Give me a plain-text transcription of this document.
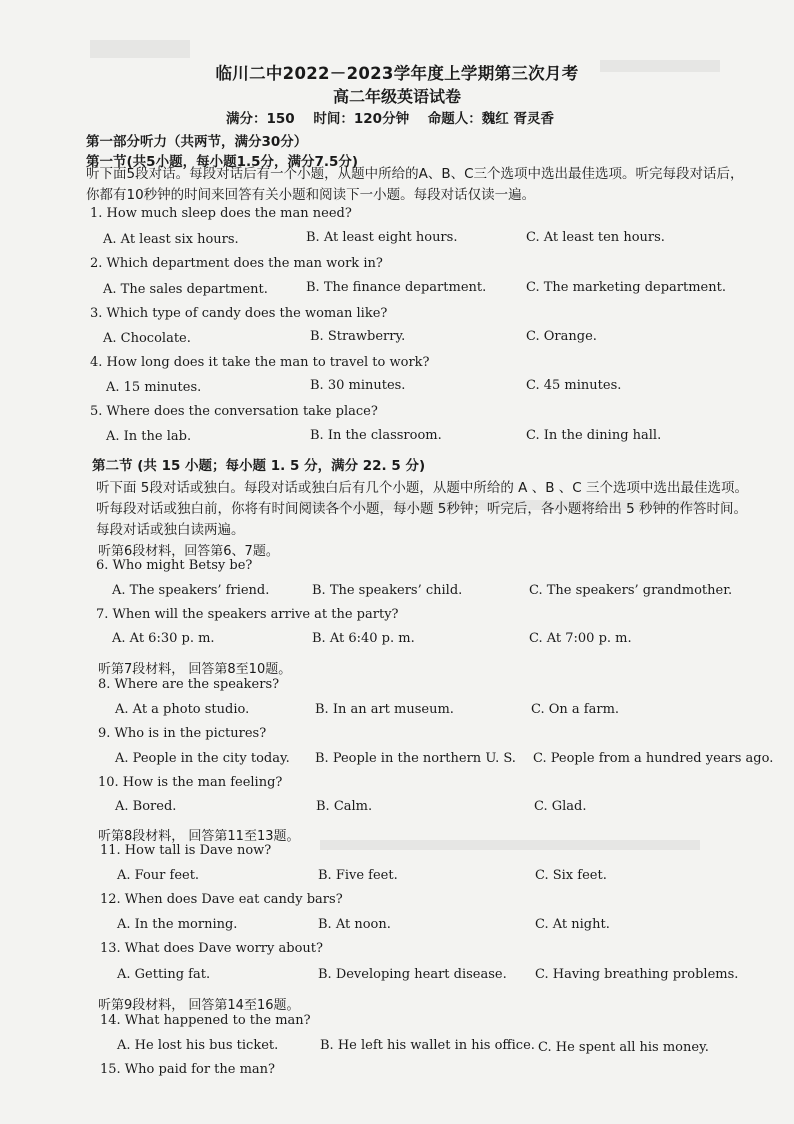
临川二中2022－2023学年度上学期第三次月考
高二年级英语试卷
满分：150 时间：120分钟 命题人：魏红 胥灵香
第一部分听力（共两节，满分30分）
第一节(共5小题，每小题1.5分，满分7.5分)
听下面5段对话。每段对话后有一个小题，从题中所给的A、B、C三个选项中选出最佳选项。听完每段对话后，你都有10秒钟的时间来回答有关小题和阅读下一小题。每段对话仅读一遍。
1. How much sleep does the man need?
A. At least six hours.	B. At least eight hours.	C. At least ten hours.
2. Which department does the man work in?
A. The sales department.	B. The finance department.	C. The marketing department.
3. Which type of candy does the woman like?
A. Chocolate.	B. Strawberry.	C. Orange.
4. How long does it take the man to travel to work?
A. 15 minutes.	B. 30 minutes.	C. 45 minutes.
5. Where does the conversation take place?
A. In the lab.	B. In the classroom.	C. In the dining hall.
第二节 (共 15 小题；每小题 1. 5 分，满分 22. 5 分)
听下面 5段对话或独白。每段对话或独白后有几个小题，从题中所给的 A 、B 、C 三个选项中选出最佳选项。听每段对话或独白前，你将有时间阅读各个小题，每小题 5秒钟；听完后，各小题将给出 5 秒钟的作答时间。每段对话或独白读两遍。
听第6段材料，回答第6、7题。
6. Who might Betsy be?
A. The speakers’ friend.	B. The speakers’ child.	C. The speakers’ grandmother.
7. When will the speakers arrive at the party?
A. At 6:30 p. m.	B. At 6:40 p. m.	C. At 7:00 p. m.
听第7段材料， 回答第8至10题。
8. Where are the speakers?
A. At a photo studio.	B. In an art museum.	C. On a farm.
9. Who is in the pictures?
A. People in the city today. B. People in the northern U. S. C. People from a hundred years ago.
10. How is the man feeling?
A. Bored.	B. Calm.	C. Glad.
听第8段材料， 回答第11至13题。
11. How tall is Dave now?
A. Four feet.	B. Five feet.	C. Six feet.
12. When does Dave eat candy bars?
A. In the morning.	B. At noon.	C. At night.
13. What does Dave worry about?
A. Getting fat.	B. Developing heart disease. C. Having breathing problems.
听第9段材料， 回答第14至16题。
14. What happened to the man?
A. He lost his bus ticket.	B. He left his wallet in his office. C. He spent all his money.
15. Who paid for the man?
